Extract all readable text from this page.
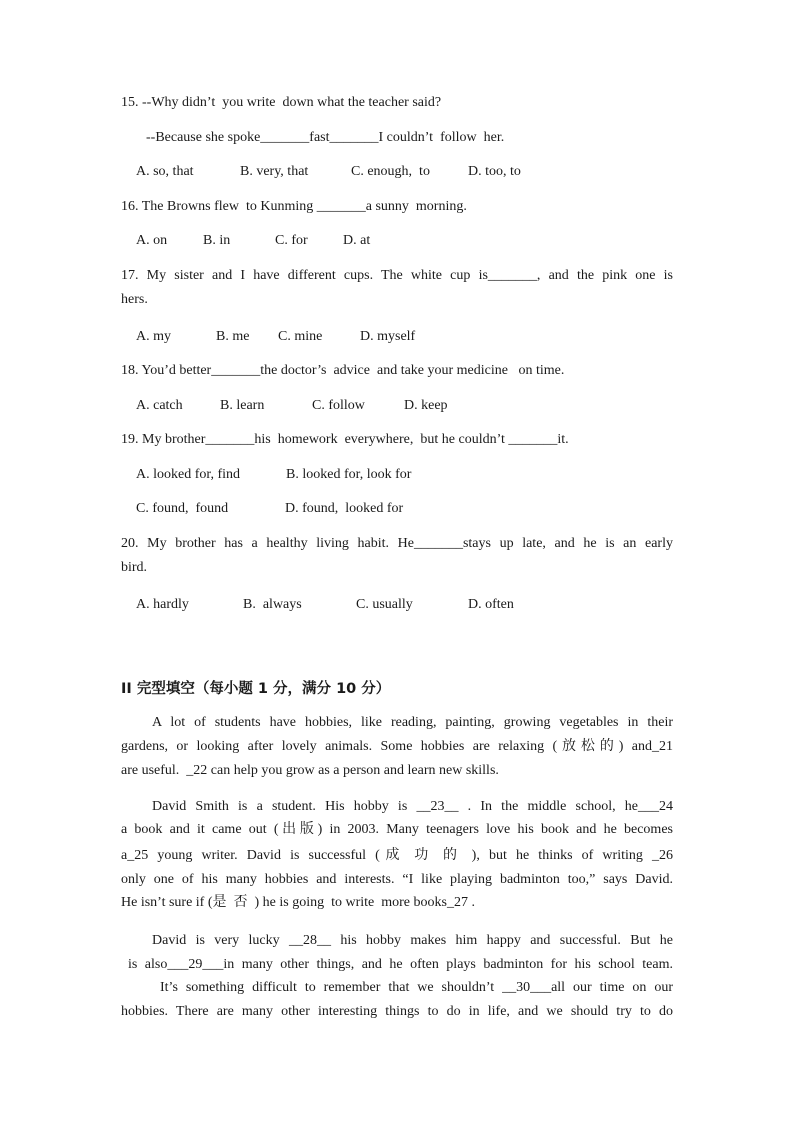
15. --Why didn’t  you write  down what the teacher said?
--Because she spoke_______fast_______I couldn’t  follow  her.
A. so, that	B. very, that	C. enough,  to	D. too, to
16. The Browns flew  to Kunming _______a sunny  morning.
A. on	B. in	C. for	D. at
17. My sister and I have different cups. The white cup is_______, and the pink one is
hers.
A. my	B. me C. mine	D. myself
18. You’d better_______the doctor’s  advice  and take your medicine   on time.
A. catch	B. learn	C. follow	D. keep
19. My brother_______his  homework  everywhere,  but he couldn’t _______it.
A. looked for, find	B. looked for, look for
C. found,  found	D. found,  looked for
20. My brother has a healthy living habit. He_______stays up late, and he is an early
bird.
A. hardly	B.  always	C. usually	D. often
II 完型填空（每小题 1 分，满分 10 分）
A lot of students have hobbies, like reading, painting, growing vegetables in their
gardens, or looking after lovely animals. Some hobbies are relaxing (放松的) and_21
are useful.  _22 can help you grow as a person and learn new skills.
David Smith is a student. His hobby is __23__ . In the middle school, he___24
a book and it came out (出版) in 2003. Many teenagers love his book and he becomes
a_25 young writer. David is successful (成 功 的 ), but he thinks of writing _26
only one of his many hobbies and interests. “I like playing badminton too,” says David.
He isn’t sure if (是  否  ) he is going  to write  more books_27 .
David is very lucky __28__ his hobby makes him happy and successful. But he
is also___29___in many other things, and he often plays badminton for his school team.
It’s something difficult to remember that we shouldn’t __30___all our time on our
hobbies. There are many other interesting things to do in life, and we should try to do
